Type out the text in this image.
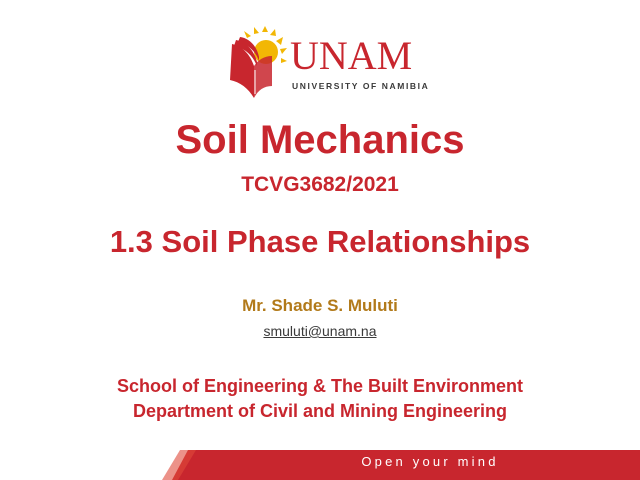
UNAM
UNIVERSITY OF NAMIBIA
Soil Mechanics
TCVG3682/2021
1.3 Soil Phase Relationships
Mr. Shade S. Muluti
smuluti@unam.na
School of Engineering & The Built Environment
Department of Civil and Mining Engineering
Open your mind
